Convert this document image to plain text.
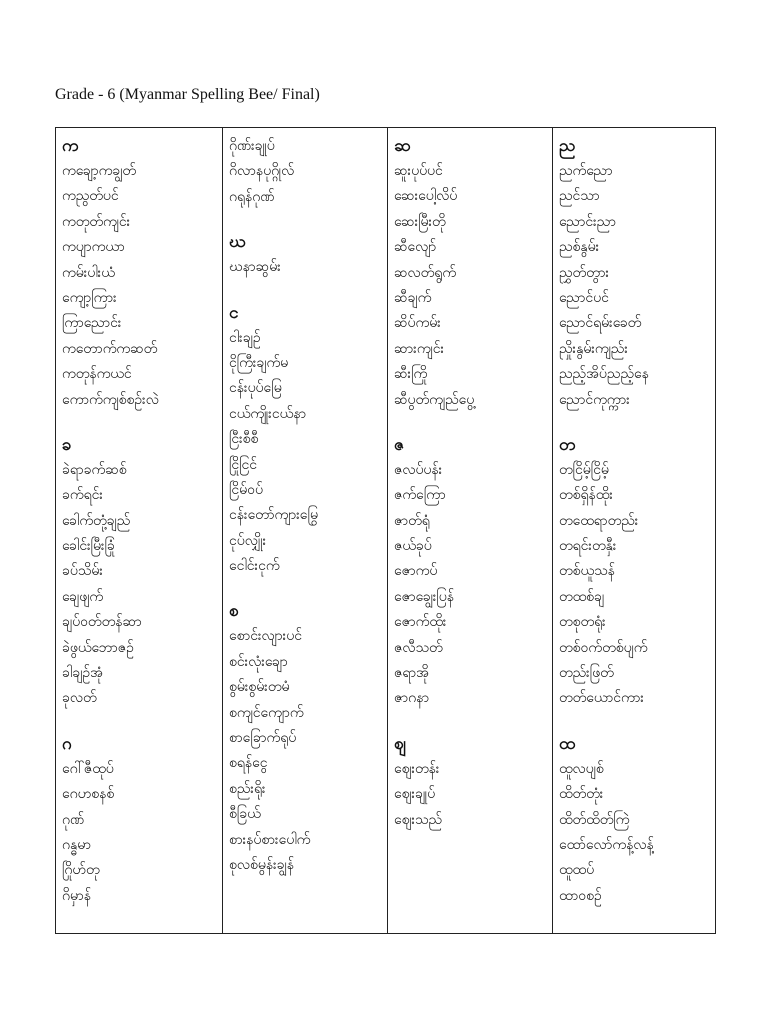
Grade - 6 (Myanmar Spelling Bee/ Final)
က
ကချော့ကချွတ်
ကညွတ်ပင်
ကတုတ်ကျင်း
ကပျာကယာ
ကမ်းပါးယံ
ကျော့ကြား
ကြာညောင်း
ကတောက်ကဆတ်
ကတုန်ကယင်
ကောက်ကျစ်စဉ်းလဲ
ခ
ခဲရာခက်ဆစ်
ခက်ရင်း
ခေါက်တုံ့ချည်
ခေါင်းမြီးခြုံ
ခပ်သိမ်း
ချေဖျက်
ချပ်ဝတ်တန်ဆာ
ခဲဖွယ်ဘောဇဉ်
ခါချဉ်အုံ
ခုလတ်
ဂ
ဂေါ်ဇီထုပ်
ဂေဟစနစ်
ဂုဏ်
ဂန္ဓမာ
ဂြိုဟ်တု
ဂိမှာန်
ဂိုဏ်းချုပ်
ဂိလာနပုဂ္ဂိုလ်
ဂရုန်ဂုဏ်
ဃ
ဃနာဆွမ်း
င
ငါးချဉ်
ငိုကြီးချက်မ
ငန်းပုပ်မြေ
ငယ်ကျိုးငယ်နာ
ငြီးစီစီ
ငြိုငြင်
ငြိမ်ဝပ်
ငန်းတော်ကျားမြွေ
ငုပ်လျှိုး
ငေါင်းငုက်
စ
စောင်းလျားပင်
စင်းလုံးချော
စွမ်းစွမ်းတမံ
စကျင်ကျောက်
စာခြောက်ရုပ်
စရန်ငွေ
စည်းရိုး
စီခြယ်
စားနပ်စားပေါက်
စုလစ်မွန်းချွန်
ဆ
ဆူးပုပ်ပင်
ဆေးပေါ့လိပ်
ဆေးမြီးတို
ဆီလျော်
ဆလတ်ရွက်
ဆီချက်
ဆိပ်ကမ်း
ဆားကျင်း
ဆီးကြို
ဆီပွတ်ကျည်ပွေ့
ဇ
ဇလပ်ပန်း
ဇက်ကြော
ဇာတ်ရုံ
ဇယ်ခုပ်
ဇောကပ်
ဇောချွေးပြန်
ဇောက်ထိုး
ဇလီသတ်
ဇရာအို
ဇာဂနာ
ဈ
ဈေးတန်း
ဈေးချုပ်
ဈေးသည်
ည
ညက်ညော
ညင်သာ
ညောင်းညာ
ညစ်နွမ်း
ညွှတ်တွား
ညောင်ပင်
ညောင်ရမ်းခေတ်
ညှိုးနွမ်းကျည်း
ညည့်အိပ်ညည့်နေ
ညောင်ကုက္ကား
တ
တငြိမ့်ငြိမ့်
တစ်ရှိန်ထိုး
တထေရာတည်း
တရင်းတနှီး
တစ်ယူသန်
တထစ်ချ
တစုတရုံး
တစ်ဝက်တစ်ပျက်
တည်းဖြတ်
တတ်ယောင်ကား
ထ
ထူလပျစ်
ထိတ်တုံး
ထိတ်ထိတ်ကြဲ
ထော်လော်ကန့်လန့်
ထူထပ်
ထာဝစဉ်
